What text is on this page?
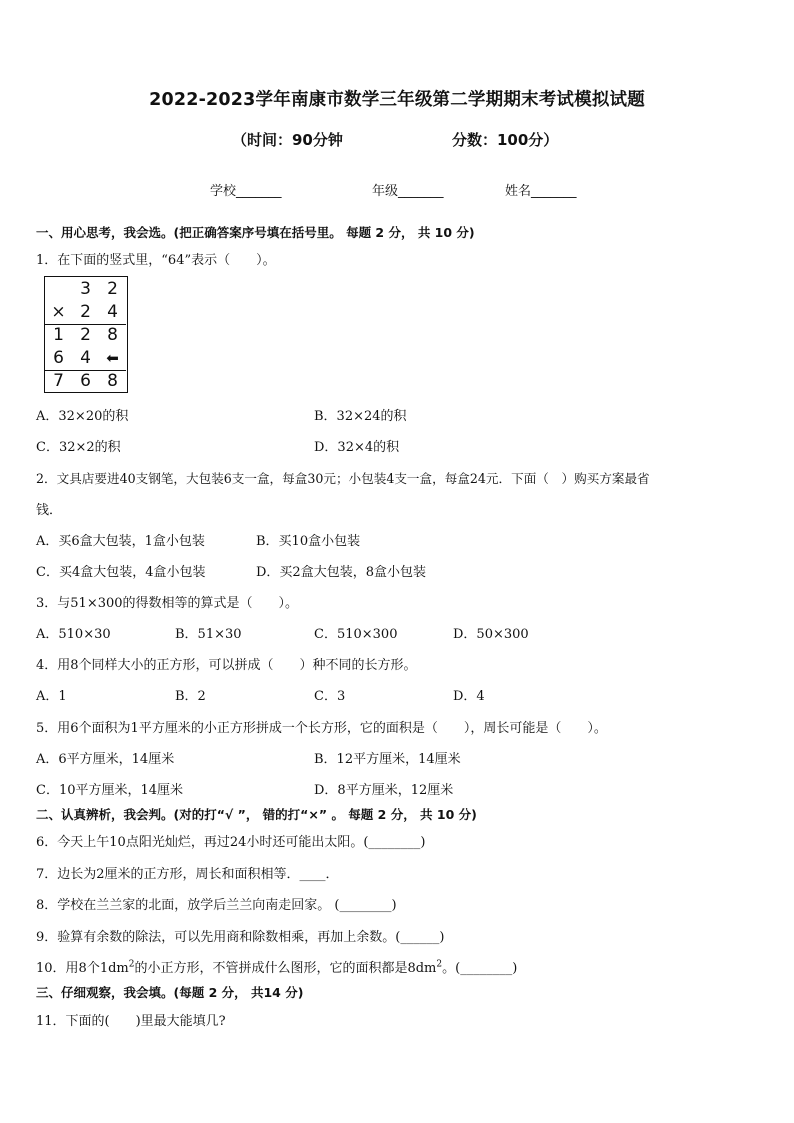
2022-2023学年南康市数学三年级第二学期期末考试模拟试题
（时间：90分钟	分数：100分）
学校_______	年级_______	姓名_______
一、用心思考，我会选。(把正确答案序号填在括号里。 每题 2 分， 共 10 分)
1．在下面的竖式里，“64”表示（　　）。
3 2
× 2 4
1 2 8
6 4	⬅
7 6 8
A．32×20的积	B．32×24的积
C．32×2的积	D．32×4的积
2．文具店要进40支钢笔，大包装6支一盒，每盒30元；小包装4支一盒，每盒24元．下面（　）购买方案最省
钱．
A．买6盒大包装，1盒小包装	B．买10盒小包装
C．买4盒大包装，4盒小包装	D．买2盒大包装，8盒小包装
3．与51×300的得数相等的算式是（　　）。
A．510×30	B．51×30	C．510×300	D．50×300
4．用8个同样大小的正方形，可以拼成（　　）种不同的长方形。
A．1	B．2	C．3	D．4
5．用6个面积为1平方厘米的小正方形拼成一个长方形，它的面积是（　　），周长可能是（　　）。
A．6平方厘米，14厘米	B．12平方厘米，14厘米
C．10平方厘米，14厘米	D．8平方厘米，12厘米
二、认真辨析，我会判。(对的打“√ ”， 错的打“×” 。 每题 2 分， 共 10 分)
6．今天上午10点阳光灿烂，再过24小时还可能出太阳。(________)
7．边长为2厘米的正方形，周长和面积相等．____．
8．学校在兰兰家的北面，放学后兰兰向南走回家。 (________)
9．验算有余数的除法，可以先用商和除数相乘，再加上余数。(______)
10．用8个$1dm^2$的小正方形，不管拼成什么图形，它的面积都是$8dm^2$。(________)
三、仔细观察，我会填。(每题 2 分， 共14 分)
11．下面的(　　)里最大能填几?
